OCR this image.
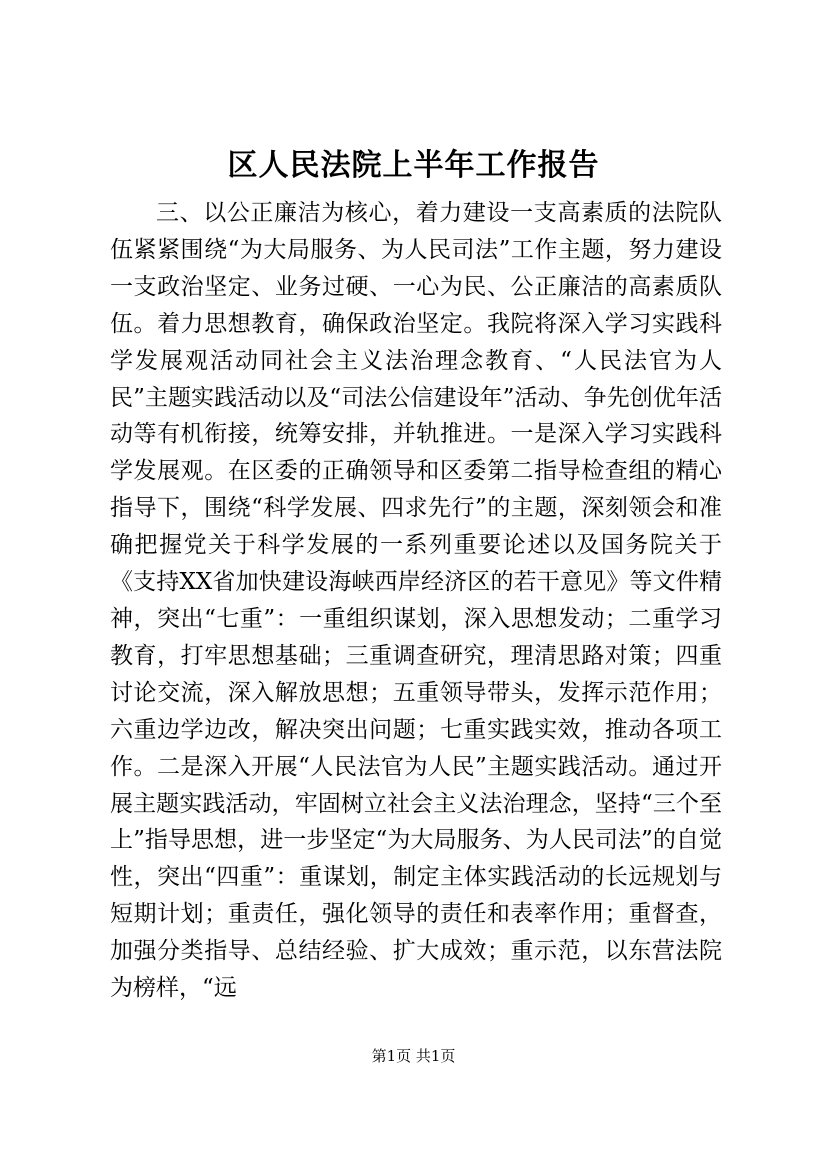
区人民法院上半年工作报告

三、以公正廉洁为核心，着力建设一支高素质的法院队伍紧紧围绕“为大局服务、为人民司法”工作主题，努力建设一支政治坚定、业务过硬、一心为民、公正廉洁的高素质队伍。着力思想教育，确保政治坚定。我院将深入学习实践科学发展观活动同社会主义法治理念教育、“人民法官为人民”主题实践活动以及“司法公信建设年”活动、争先创优年活动等有机衔接，统筹安排，并轨推进。一是深入学习实践科学发展观。在区委的正确领导和区委第二指导检查组的精心指导下，围绕“科学发展、四求先行”的主题，深刻领会和准确把握党关于科学发展的一系列重要论述以及国务院关于《支持XX省加快建设海峡西岸经济区的若干意见》等文件精神，突出“七重”：一重组织谋划，深入思想发动；二重学习教育，打牢思想基础；三重调查研究，理清思路对策；四重讨论交流，深入解放思想；五重领导带头，发挥示范作用；六重边学边改，解决突出问题；七重实践实效，推动各项工作。二是深入开展“人民法官为人民”主题实践活动。通过开展主题实践活动，牢固树立社会主义法治理念，坚持“三个至上”指导思想，进一步坚定“为大局服务、为人民司法”的自觉性，突出“四重”：重谋划，制定主体实践活动的长远规划与短期计划；重责任，强化领导的责任和表率作用；重督查，加强分类指导、总结经验、扩大成效；重示范，以东营法院为榜样，“远

第1页 共1页
